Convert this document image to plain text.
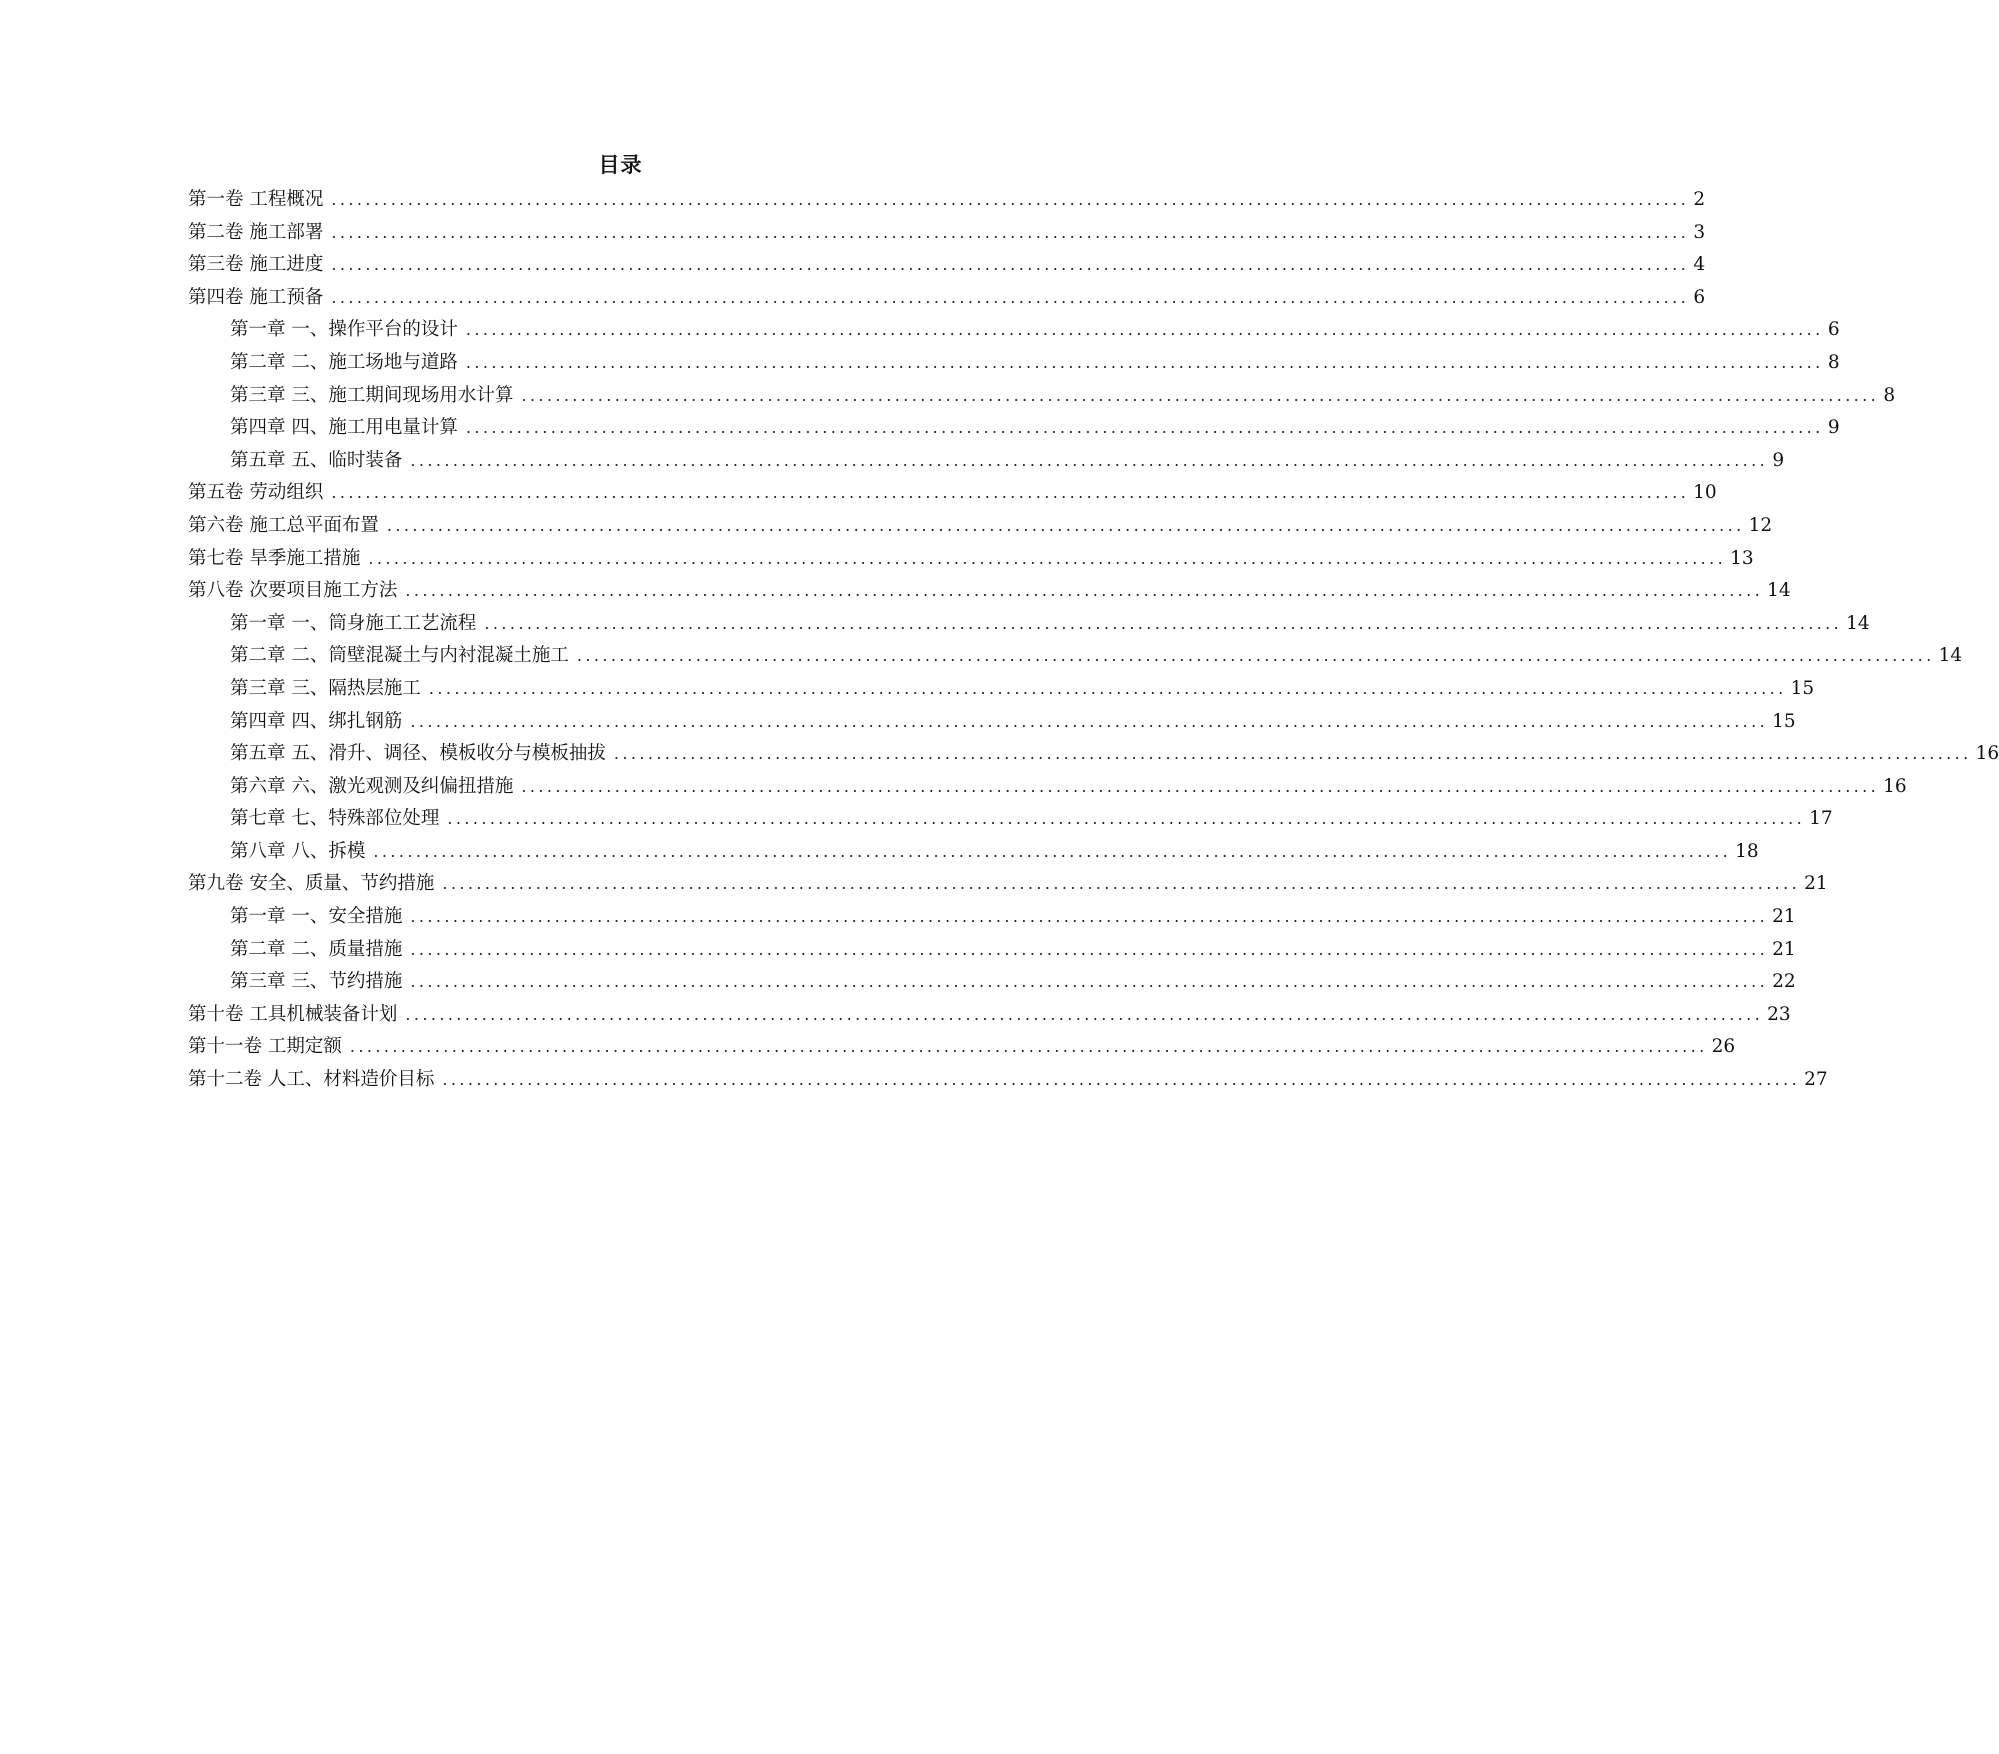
目录
第一卷 工程概况 ................................................................................................................................................................ 2
第二卷 施工部署 ................................................................................................................................................................ 3
第三卷 施工进度 ................................................................................................................................................................ 4
第四卷 施工预备 ................................................................................................................................................................ 6
第一章 一、操作平台的设计 ................................................................................................................................................................ 6
第二章 二、施工场地与道路 ................................................................................................................................................................ 8
第三章 三、施工期间现场用水计算 ................................................................................................................................................................ 8
第四章 四、施工用电量计算 ................................................................................................................................................................ 9
第五章 五、临时装备 ................................................................................................................................................................ 9
第五卷 劳动组织 ................................................................................................................................................................ 10
第六卷 施工总平面布置 ................................................................................................................................................................ 12
第七卷 旱季施工措施 ................................................................................................................................................................ 13
第八卷 次要项目施工方法 ................................................................................................................................................................ 14
第一章 一、筒身施工工艺流程 ................................................................................................................................................................ 14
第二章 二、筒壁混凝土与内衬混凝土施工 ................................................................................................................................................................ 14
第三章 三、隔热层施工 ................................................................................................................................................................ 15
第四章 四、绑扎钢筋 ................................................................................................................................................................ 15
第五章 五、滑升、调径、模板收分与模板抽拔 ................................................................................................................................................................ 16
第六章 六、激光观测及纠偏扭措施 ................................................................................................................................................................ 16
第七章 七、特殊部位处理 ................................................................................................................................................................ 17
第八章 八、拆模 ................................................................................................................................................................ 18
第九卷 安全、质量、节约措施 ................................................................................................................................................................ 21
第一章 一、安全措施 ................................................................................................................................................................ 21
第二章 二、质量措施 ................................................................................................................................................................ 21
第三章 三、节约措施 ................................................................................................................................................................ 22
第十卷 工具机械装备计划 ................................................................................................................................................................ 23
第十一卷 工期定额 ................................................................................................................................................................ 26
第十二卷 人工、材料造价目标 ................................................................................................................................................................ 27
